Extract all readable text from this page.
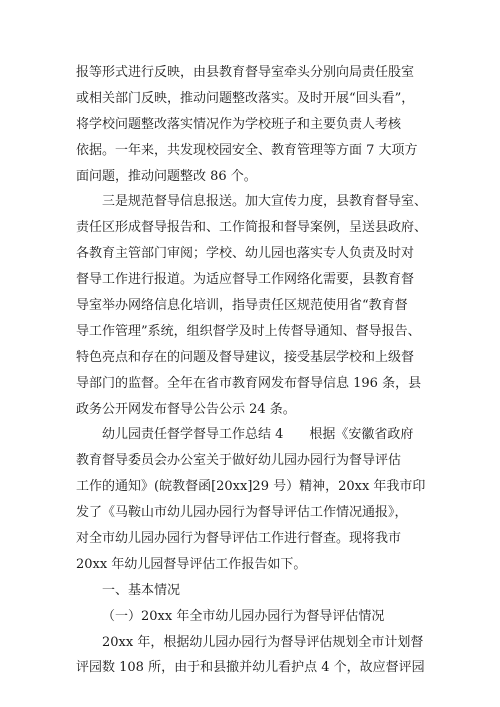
报等形式进行反映，由县教育督导室牵头分别向局责任股室
或相关部门反映，推动问题整改落实。及时开展“回头看”，
将学校问题整改落实情况作为学校班子和主要负责人考核
依据。一年来，共发现校园安全、教育管理等方面 7 大项方
面问题，推动问题整改 86 个。
三是规范督导信息报送。加大宣传力度，县教育督导室、
责任区形成督导报告和、工作简报和督导案例，呈送县政府、
各教育主管部门审阅；学校、幼儿园也落实专人负责及时对
督导工作进行报道。为适应督导工作网络化需要，县教育督
导室举办网络信息化培训，指导责任区规范使用省“教育督
导工作管理”系统，组织督学及时上传督导通知、督导报告、
特色亮点和存在的问题及督导建议，接受基层学校和上级督
导部门的监督。全年在省市教育网发布督导信息 196 条，县
政务公开网发布督导公告公示 24 条。
幼儿园责任督学督导工作总结 4　　根据《安徽省政府
教育督导委员会办公室关于做好幼儿园办园行为督导评估
工作的通知》(皖教督函[20xx]29 号）精神，20xx 年我市印
发了《马鞍山市幼儿园办园行为督导评估工作情况通报》，
对全市幼儿园办园行为督导评估工作进行督查。现将我市
20xx 年幼儿园督导评估工作报告如下。
一、基本情况
（一）20xx 年全市幼儿园办园行为督导评估情况
20xx 年，根据幼儿园办园行为督导评估规划全市计划督
评园数 108 所，由于和县撤并幼儿看护点 4 个，故应督评园
